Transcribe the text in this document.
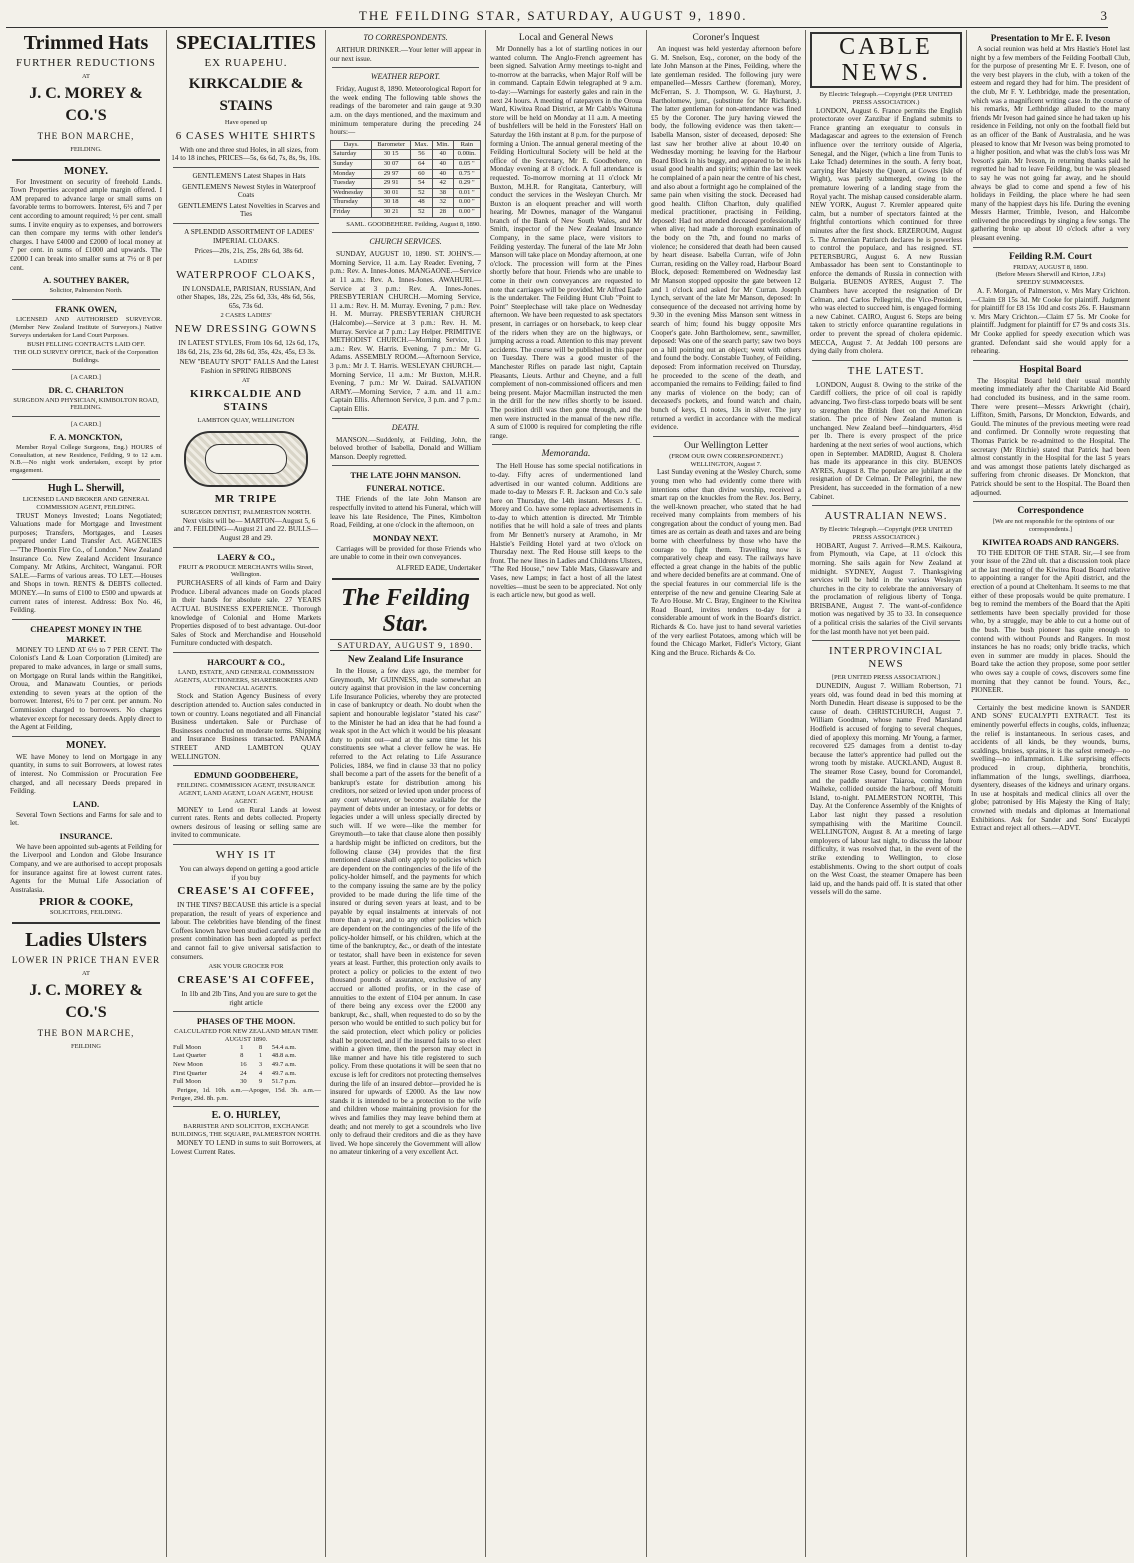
THE FEILDING STAR, SATURDAY, AUGUST 9, 1890.	3
Trimmed Hats
FURTHER REDUCTIONS
AT
J. C. MOREY & CO.'S
THE BON MARCHE,
FEILDING.
MONEY.

For Investment on security of freehold Lands. Town Properties accepted ample margin offered. I AM prepared to advance large or small sums on favorable terms to borrowers. Interest, 6½ and 7 per cent according to amount required; ½ per cent. small sums. I invite enquiry as to expenses, and borrowers can then compare my terms with other lender's charges. I have £4000 and £2000 of local money at 7 per cent. in sums of £1000 and upwards. The £2000 I can break into smaller sums at 7½ or 8 per cent.

A. SOUTHEY BAKER,
Solicitor, Palmerston North.
FRANK OWEN,

LICENSED AND AUTHORISED SURVEYOR. (Member New Zealand Institute of Surveyors.) Native Surveys undertaken for Land Court Purposes.

BUSH FELLING CONTRACTS LAID OFF.
THE OLD SURVEY OFFICE, Back of the Corporation Buildings.
[A CARD.]
DR. C. CHARLTON
SURGEON AND PHYSICIAN, KIMBOLTON ROAD, FEILDING.
[A CARD.]
F. A. MONCKTON,

Member Royal College Surgeons, Eng.) HOURS of Consultation, at new Residence, Feilding, 9 to 12 a.m. N.B.—No night work undertaken, except by prior engagement.

Hugh L. Sherwill,
LICENSED LAND BROKER AND GENERAL COMMISSION AGENT, FEILDING.

TRUST Moneys Invested; Loans Negotiated; Valuations made for Mortgage and Investment purposes; Transfers, Mortgages, and Leases prepared under Land Transfer Act. AGENCIES—"The Phoenix Fire Co., of London." New Zealand Insurance Co. New Zealand Accident Insurance Company. Mr Atkins, Architect, Wanganui. FOR SALE.—Farms of various areas. TO LET.—Houses and Shops in town. RENTS & DEBTS collected. MONEY.—In sums of £100 to £500 and upwards at current rates of interest. Address: Box No. 46, Feilding.

CHEAPEST MONEY IN THE MARKET.

MONEY TO LEND AT 6½ to 7 PER CENT. The Colonist's Land & Loan Corporation (Limited) are prepared to make advances, in large or small sums, on Mortgage on Rural lands within the Rangitikei, Oroua, and Manawatu Counties, or periods extending to seven years at the option of the borrower. Interest, 6½ to 7 per cent. per annum. No Commission charged to borrowers. No charges whatever except for necessary deeds. Apply direct to the Agent at Feilding,

MONEY.

WE have Money to lend on Mortgage in any quantity, in sums to suit Borrowers, at lowest rates of interest. No Commission or Procuration Fee charged, and all necessary Deeds prepared in Feilding.

LAND.

Several Town Sections and Farms for sale and to let.

INSURANCE.

We have been appointed sub-agents at Feilding for the Liverpool and London and Globe Insurance Company, and we are authorised to accept proposals for insurance against fire at lowest current rates. Agents for the Mutual Life Association of Australasia.

PRIOR & COOKE,
SOLICITORS, FEILDING.
Ladies Ulsters
LOWER IN PRICE THAN EVER
AT
J. C. MOREY & CO.'S
THE BON MARCHE,
FEILDING
SPECIALITIES
EX RUAPEHU.
KIRKCALDIE & STAINS
Have opened up
6 CASES WHITE SHIRTS

With one and three stud Holes, in all sizes, from 14 to 18 inches, PRICES—5s, 6s 6d, 7s, 8s, 9s, 10s.

GENTLEMEN'S Latest Shapes in Hats

GENTLEMEN'S Newest Styles in Waterproof Coats

GENTLEMEN'S Latest Novelties in Scarves and Ties

A SPLENDID ASSORTMENT OF LADIES' IMPERIAL CLOAKS.

Prices—20s, 21s, 25s, 28s 6d, 38s 6d.

LADIES'
WATERPROOF CLOAKS,

IN LONSDALE, PARISIAN, RUSSIAN, And other Shapes, 18s, 22s, 25s 6d, 33s, 48s 6d, 56s, 65s, 73s 6d.

2 CASES LADIES'
NEW DRESSING GOWNS

IN LATEST STYLES, From 10s 6d, 12s 6d, 17s, 18s 6d, 21s, 23s 6d, 28s 6d, 35s, 42s, 45s, £3 3s.

NEW "BEAUTY SPOT" FALLS And the Latest Fashion in SPRING RIBBONS

AT
KIRKCALDIE AND STAINS
LAMBTON QUAY, WELLINGTON
MR TRIPE
SURGEON DENTIST, PALMERSTON NORTH.

Next visits will be— MARTON—August 5, 6 and 7. FEILDING—August 21 and 22. BULLS—August 28 and 29.

LAERY & CO.,
FRUIT & PRODUCE MERCHANTS Willis Street, Wellington.

PURCHASERS of all kinds of Farm and Dairy Produce. Liberal advances made on Goods placed in their hands for absolute sale. 27 YEARS ACTUAL BUSINESS EXPERIENCE. Thorough knowledge of Colonial and Home Markets Properties disposed of to best advantage. Out-door Sales of Stock and Merchandise and Household Furniture conducted with despatch.

HARCOURT & CO.,
LAND, ESTATE, AND GENERAL COMMISSION AGENTS, AUCTIONEERS, SHAREBROKERS AND FINANCIAL AGENTS.

Stock and Station Agency Business of every description attended to. Auction sales conducted in town or country. Loans negotiated and all Financial Business undertaken. Sale or Purchase of Businesses conducted on moderate terms. Shipping and Insurance Business transacted. PANAMA STREET AND LAMBTON QUAY WELLINGTON.

EDMUND GOODBEHERE,
FEILDING. COMMISSION AGENT, INSURANCE AGENT, LAND AGENT, LOAN AGENT, HOUSE AGENT.

MONEY to Lend on Rural Lands at lowest current rates. Rents and debts collected. Property owners desirous of leasing or selling same are invited to communicate.

WHY IS IT

You can always depend on getting a good article if you buy

CREASE'S AI COFFEE,

IN THE TINS? BECAUSE this article is a special preparation, the result of years of experience and labour. The celebrities have blending of the finest Coffees known have been studied carefully until the present combination has been adopted as perfect and cannot fail to give universal satisfaction to consumers.

ASK YOUR GROCER FOR
CREASE'S AI COFFEE,

In 1lb and 2lb Tins, And you are sure to get the right article

PHASES OF THE MOON.
CALCULATED FOR NEW ZEALAND MEAN TIME AUGUST 1890.
Full Moon	1	8	54.4 a.m.
Last Quarter	8	1	48.8 a.m.
New Moon	16	3	49.7 a.m.
First Quarter	24	4	49.7 a.m.
Full Moon	30	9	51.7 p.m.

Perigee, 1d. 10h. a.m.—Apogee, 15d. 3h. a.m.—Perigee, 29d. 8h. p.m.

E. O. HURLEY,
BARRISTER AND SOLICITOR, EXCHANGE BUILDINGS, THE SQUARE, PALMERSTON NORTH.

MONEY TO LEND in sums to suit Borrowers, at Lowest Current Rates.

TO CORRESPONDENTS.

ARTHUR DRINKER.—Your letter will appear in our next issue.

WEATHER REPORT.

Friday, August 8, 1890. Meteorological Report for the week ending The following table shows the readings of the barometer and rain gauge at 9.30 a.m. on the days mentioned, and the maximum and minimum temperature during the preceding 24 hours:—

Days.	Barometer	Max.	Min.	Rain
Saturday	30 15	56	40	0.00in.
Sunday	30 07	64	40	0.05 "
Monday	29 97	60	40	0.75 "
Tuesday	29 91	54	42	0.29 "
Wednesday	30 01	52	38	0.01 "
Thursday	30 18	48	32	0.00 "
Friday	30 21	52	28	0.00 "

SAML. GOODBEHERE. Feilding, August 8, 1890.

CHURCH SERVICES.

SUNDAY, AUGUST 10, 1890. ST. JOHN'S.—Morning Service, 11 a.m. Lay Reader. Evening, 7 p.m.: Rev. A. Innes-Jones. MANGAONE.—Service at 11 a.m.: Rev. A. Innes-Jones. AWAHURI.—Service at 3 p.m.: Rev. A. Innes-Jones. PRESBYTERIAN CHURCH.—Morning Service, 11 a.m.: Rev. H. M. Murray. Evening, 7 p.m.: Rev. H. M. Murray. PRESBYTERIAN CHURCH (Halcombe).—Service at 3 p.m.: Rev. H. M. Murray. Service at 7 p.m.: Lay Helper. PRIMITIVE METHODIST CHURCH.—Morning Service, 11 a.m.: Rev. W. Harris. Evening, 7 p.m.: Mr G. Adams. ASSEMBLY ROOM.—Afternoon Service, 3 p.m.: Mr J. T. Harris. WESLEYAN CHURCH.—Morning Service, 11 a.m.: Mr Buxton, M.H.R. Evening, 7 p.m.: Mr W. Dairad. SALVATION ARMY.—Morning Service, 7 a.m. and 11 a.m.: Captain Ellis. Afternoon Service, 3 p.m. and 7 p.m.: Captain Ellis.

DEATH.

MANSON.—Suddenly, at Feilding, John, the beloved brother of Isabella, Donald and William Manson. Deeply regretted.

THE LATE JOHN MANSON.
FUNERAL NOTICE.

THE Friends of the late John Manson are respectfully invited to attend his Funeral, which will leave his late Residence, The Pines, Kimbolton Road, Feilding, at one o'clock in the afternoon, on

MONDAY NEXT.

Carriages will be provided for those Friends who are unable to come in their own conveyances.

ALFRED EADE, Undertaker

The Feilding Star.
SATURDAY, AUGUST 9, 1890.
New Zealand Life Insurance

In the House, a few days ago, the member for Greymouth, Mr GUINNESS, made somewhat an outcry against that provision in the law concerning Life Insurance Policies, whereby they are protected in case of bankruptcy or death. No doubt when the sapient and honourable legislator "stated his case" to the Minister he had an idea that he had found a weak spot in the Act which it would be his pleasant duty to point out—and at the same time let his constituents see what a clever fellow he was. He referred to the Act relating to Life Assurance Policies, 1884, we find in clause 33 that no policy shall become a part of the assets for the benefit of a bankrupt's estate for distribution among his creditors, nor seized or levied upon under process of any court whatever, or become available for the payment of debts under an intestacy, or for debts or legacies under a will unless specially directed by such will. If we were—like the member for Greymouth—to take that clause alone then possibly a hardship might be inflicted on creditors, but the following clause (34) provides that the first mentioned clause shall only apply to policies which are dependent on the contingencies of the life of the policy-holder himself, and the payments for which to the company issuing the same are by the policy provided to be made during the life time of the insured or during seven years at least, and to be payable by equal instalments at intervals of not more than a year, and to any other policies which are dependent on the contingencies of the life of the policy-holder himself, or his children, which at the time of the bankruptcy, &c., or death of the intestate or testator, shall have been in existence for seven years at least. Further, this protection only avails to protect a policy or policies to the extent of two thousand pounds of assurance, exclusive of any accrued or allotted profits, or in the case of annuities to the extent of £104 per annum. In case of there being any excess over the £2000 any bankrupt, &c., shall, when requested to do so by the person who would be entitled to such policy but for the said protection, elect which policy or policies shall be protected, and if the insured fails to so elect within a given time, then the person may elect in like manner and have his title registered to such policy. From these quotations it will be seen that no excuse is left for creditors not protecting themselves during the life of an insured debtor—provided he is insured for upwards of £2000. As the law now stands it is intended to be a protection to the wife and children whose maintaining provision for the wives and families they may leave behind them at death; and not merely to get a scoundrels who live only to defraud their creditors and die as they have lived. We hope sincerely the Government will allow no amateur tinkering of a very excellent Act.

Local and General News

Mr Donnelly has a lot of startling notices in our wanted column. The Anglo-French agreement has been signed. Salvation Army meetings to-night and to-morrow at the barracks, when Major Rolf will be in command. Captain Edwin telegraphed at 9 a.m. to-day:—Warnings for easterly gales and rain in the next 24 hours. A meeting of ratepayers in the Oroua Ward, Kiwitea Road District, at Mr Cabb's Waituna store will be held on Monday at 11 a.m. A meeting of bushfellers will be held in the Foresters' Hall on Saturday the 16th instant at 8 p.m. for the purpose of forming a Union. The annual general meeting of the Feilding Horticultural Society will be held at the office of the Secretary, Mr E. Goodbehere, on Monday evening at 8 o'clock. A full attendance is requested. To-morrow morning at 11 o'clock Mr Buxton, M.H.R. for Rangitata, Canterbury, will conduct the services in the Wesleyan Church. Mr Buxton is an eloquent preacher and will worth hearing. Mr Downes, manager of the Wanganui branch of the Bank of New South Wales, and Mr Smith, inspector of the New Zealand Insurance Company, in the same place, were visitors to Feilding yesterday. The funeral of the late Mr John Manson will take place on Monday afternoon, at one o'clock. The procession will form at the Pines shortly before that hour. Friends who are unable to come in their own conveyances are requested to note that carriages will be provided. Mr Alfred Eade is the undertaker. The Feilding Hunt Club "Point to Point" Steeplechase will take place on Wednesday afternoon. We have been requested to ask spectators present, in carriages or on horseback, to keep clear of the riders when they are on the highways, or jumping across a road. Attention to this may prevent accidents. The course will be published in this paper on Tuesday. There was a good muster of the Manchester Rifles on parade last night, Captain Pleasants, Lieuts. Arthur and Cheyne, and a full complement of non-commissioned officers and men being present. Major Macmillan instructed the men in the drill for the new rifles shortly to be issued. The position drill was then gone through, and the men were instructed in the manual of the new rifle. A sum of £1000 is required for completing the rifle range.

Memoranda.

The Hell House has some special notifications in to-day. Fifty acres of undermentioned land advertised in our wanted column. Additions are made to-day to Messrs F. R. Jackson and Co.'s sale here on Thursday, the 14th instant. Messrs J. C. Morey and Co. have some replace advertisements in to-day to which attention is directed. Mr Trimble notifies that he will hold a sale of trees and plants from Mr Bennett's nursery at Aramoho, in Mr Halstie's Feilding Hotel yard at two o'clock on Thursday next. The Red House still keeps to the front. The new lines in Ladies and Childrens Ulsters, "The Red House," new Table Mats, Glassware and Vases, new Lamps; in fact a host of all the latest novelties—must be seen to be appreciated. Not only is each article new, but good as well.

Coroner's Inquest

An inquest was held yesterday afternoon before G. M. Snelson, Esq., coroner, on the body of the late John Manson at the Pines, Feilding, where the late gentleman resided. The following jury were empanelled—Messrs Carthew (foreman), Morey, McFerran, S. J. Thompson, W. G. Hayhurst, J. Bartholomew, junr., (substitute for Mr Richards). The latter gentleman for non-attendance was fined £5 by the Coroner. The jury having viewed the body, the following evidence was then taken:— Isabella Manson, sister of deceased, deposed: She last saw her brother alive at about 10.40 on Wednesday morning; he leaving for the Harbour Board Block in his buggy, and appeared to be in his usual good health and spirits; within the last week he complained of a pain near the centre of his chest, and also about a fortnight ago he complained of the same pain when visiting the stock. Deceased had good health. Clifton Charlton, duly qualified medical practitioner, practising in Feilding, deposed: Had not attended deceased professionally when alive; had made a thorough examination of the body on the 7th, and found no marks of violence; he considered that death had been caused by heart disease. Isabella Curran, wife of John Curran, residing on the Valley road, Harbour Board Block, deposed: Remembered on Wednesday last Mr Manson stopped opposite the gate between 12 and 1 o'clock and asked for Mr Curran. Joseph Lynch, servant of the late Mr Manson, deposed: In consequence of the deceased not arriving home by 9.30 in the evening Miss Manson sent witness in search of him; found his buggy opposite Mrs Cooper's gate. John Bartholomew, senr., sawmiller, deposed: Was one of the search party; saw two boys on a hill pointing out an object; went with others and found the body. Constable Tuohey, of Feilding, deposed: From information received on Thursday, he proceeded to the scene of the death, and accompanied the remains to Feilding; failed to find any marks of violence on the body; can of deceased's pockets, and found watch and chain, bunch of keys, £1 notes, 13s in silver. The jury returned a verdict in accordance with the medical evidence.

Our Wellington Letter
(FROM OUR OWN CORRESPONDENT.) WELLINGTON, August 7.

Last Sunday evening at the Wesley Church, some young men who had evidently come there with intentions other than divine worship, received a smart rap on the knuckles from the Rev. Jos. Berry, the well-known preacher, who stated that he had received many complaints from members of his congregation about the conduct of young men. Bad times are as certain as death and taxes and are being borne with cheerfulness by those who have the courage to fight them. Travelling now is comparatively cheap and easy. The railways have effected a great change in the habits of the public and where decided benefits are at command. One of the special features in our commercial life is the enterprise of the new and genuine Clearing Sale at Te Aro House. Mr C. Bray, Engineer to the Kiwitea Road Board, invites tenders to-day for a considerable amount of work in the Board's district. Richards & Co. have just to hand several varieties of the very earliest Potatoes, among which will be found the Chicago Market, Fidler's Victory, Giant King and the Bruce. Richards & Co.

CABLE NEWS.
By Electric Telegraph.—Copyright (PER UNITED PRESS ASSOCIATION.)

LONDON, August 6. France permits the English protectorate over Zanzibar if England submits to France granting an exequatur to consuls in Madagascar and agrees to the extension of French influence over the territory outside of Algeria, Senegal, and the Niger, (which a line from Tunis to Lake Tchad) determines in the south. A ferry boat, carrying Her Majesty the Queen, at Cowes (Isle of Wight), was partly submerged, owing to the premature lowering of a landing stage from the Royal yacht. The mishap caused considerable alarm. NEW YORK, August 7. Kremler appeared quite calm, but a number of spectators fainted at the frightful contortions which continued for three minutes after the first shock. ERZEROUM, August 5. The Armenian Patriarch declares he is powerless to control the populace, and has resigned. ST. PETERSBURG, August 6. A new Russian Ambassador has been sent to Constantinople to enforce the demands of Russia in connection with Bulgaria. BUENOS AYRES, August 7. The Chambers have accepted the resignation of Dr Celman, and Carlos Pellegrini, the Vice-President, who was elected to succeed him, is engaged forming a new Cabinet. CAIRO, August 6. Steps are being taken to strictly enforce quarantine regulations in order to prevent the spread of cholera epidemic. MECCA, August 7. At Jeddah 100 persons are dying daily from cholera.

THE LATEST.

LONDON, August 8. Owing to the strike of the Cardiff colliers, the price of oil coal is rapidly advancing. Two first-class torpedo boats will be sent to strengthen the British fleet on the American station. The price of New Zealand mutton is unchanged. New Zealand beef—hindquarters, 4½d per lb. There is every prospect of the price hardening at the next series of wool auctions, which open in September. MADRID, August 8. Cholera has made its appearance in this city. BUENOS AYRES, August 8. The populace are jubilant at the resignation of Dr Celman. Dr Pellegrini, the new President, has succeeded in the formation of a new Cabinet.

AUSTRALIAN NEWS.
By Electric Telegraph.—Copyright (PER UNITED PRESS ASSOCIATION.)

HOBART, August 7. Arrived—R.M.S. Kaikoura, from Plymouth, via Cape, at 11 o'clock this morning. She sails again for New Zealand at midnight. SYDNEY, August 7. Thanksgiving services will be held in the various Wesleyan churches in the city to celebrate the anniversary of the proclamation of religious liberty of Tonga. BRISBANE, August 7. The want-of-confidence motion was negatived by 35 to 33. In consequence of a political crisis the salaries of the Civil servants for the last month have not yet been paid.

INTERPROVINCIAL NEWS
[PER UNITED PRESS ASSOCIATION.]

DUNEDIN, August 7. William Robertson, 71 years old, was found dead in bed this morning at North Dunedin. Heart disease is supposed to be the cause of death. CHRISTCHURCH, August 7. William Goodman, whose name Fred Marsland Hodfield is accused of forging to several cheques, died of apoplexy this morning. Mr Young, a farmer, recovered £25 damages from a dentist to-day because the latter's apprentice had pulled out the wrong tooth by mistake. AUCKLAND, August 8. The steamer Rose Casey, bound for Coromandel, and the paddle steamer Taiaroa, coming from Waiheke, collided outside the harbour, off Motuiti Island, to-night. PALMERSTON NORTH, This Day. At the Conference Assembly of the Knights of Labor last night they passed a resolution sympathising with the Maritime Council. WELLINGTON, August 8. At a meeting of large employers of labour last night, to discuss the labour difficulty, it was resolved that, in the event of the strike extending to Wellington, to close establishments. Owing to the short output of coals on the West Coast, the steamer Omapere has been laid up, and the hands paid off. It is stated that other vessels will do the same.

Presentation to Mr E. F. Iveson

A social reunion was held at Mrs Hastie's Hotel last night by a few members of the Feilding Football Club, for the purpose of presenting Mr E. F. Iveson, one of the very best players in the club, with a token of the esteem and regard they had for him. The president of the club, Mr F. Y. Lethbridge, made the presentation, which was a magnificent writing case. In the course of his remarks, Mr Lethbridge alluded to the many friends Mr Iveson had gained since he had taken up his residence in Feilding, not only on the football field but as an officer of the Bank of Australasia, and he was pleased to know that Mr Iveson was being promoted to a higher position, and what was the club's loss was Mr Iveson's gain. Mr Iveson, in returning thanks said he regretted he had to leave Feilding, but he was pleased to say he was not going far away, and he should always be glad to come and spend a few of his holidays in Feilding, the place where he had seen many of the happiest days his life. During the evening Messrs Harmer, Trimble, Iveson, and Halcombe enlivened the proceedings by singing a few songs. The gathering broke up about 10 o'clock after a very pleasant evening.

Feilding R.M. Court
FRIDAY, AUGUST 8, 1890.
(Before Messrs Sherwill and Kirton, J.P.s)
SPEEDY SUMMONSES.

A. F. Morgan, of Palmerston, v. Mrs Mary Crichton.—Claim £8 15s 3d. Mr Cooke for plaintiff. Judgment for plaintiff for £8 15s 10d and costs 26s. F. Hausmann v. Mrs Mary Crichton.—Claim £7 5s. Mr Cooke for plaintiff. Judgment for plaintiff for £7 9s and costs 31s. Mr Cooke applied for speedy execution which was granted. Defendant said she would apply for a rehearing.

Hospital Board

The Hospital Board held their usual monthly meeting immediately after the Charitable Aid Board had concluded its business, and in the same room. There were present—Messrs Arkwright (chair), Liffiton, Smith, Parsons, Dr Monckton, Edwards, and Gould. The minutes of the previous meeting were read and confirmed. Dr Connolly wrote requesting that Thomas Patrick be re-admitted to the Hospital. The secretary (Mr Ritchie) stated that Patrick had been almost constantly in the Hospital for the last 5 years and was amongst those patients lately discharged as suffering from chronic diseases. Dr Monckton, that Patrick should be sent to the Hospital. The Board then adjourned.

Correspondence

[We are not responsible for the opinions of our correspondents.]

KIWITEA ROADS AND RANGERS.

TO THE EDITOR OF THE STAR. Sir,—I see from your issue of the 22nd ult. that a discussion took place at the last meeting of the Kiwitea Road Board relative to appointing a ranger for the Apiti district, and the erection of a pound at Cheltenham. It seems to me that either of these proposals would be quite premature. I beg to remind the members of the Board that the Apiti settlements have been specially provided for those who, by a struggle, may be able to cut a home out of the bush. The bush pioneer has quite enough to contend with without Pounds and Rangers. In most instances he has no roads; only bridle tracks, which even in summer are muddy in places. Should the Board take the action they propose, some poor settler who owes say a couple of cows, discovers some fine morning that they cannot be found. Yours, &c., PIONEER.

Certainly the best medicine known is SANDER AND SONS' EUCALYPTI EXTRACT. Test its eminently powerful effects in coughs, colds, influenza; the relief is instantaneous. In serious cases, and accidents of all kinds, be they wounds, burns, scaldings, bruises, sprains, it is the safest remedy—no swelling—no inflammation. Like surprising effects produced in croup, diphtheria, bronchitis, inflammation of the lungs, swellings, diarrhoea, dysentery, diseases of the kidneys and urinary organs. In use at hospitals and medical clinics all over the globe; patronised by His Majesty the King of Italy; crowned with medals and diplomas at International Exhibitions. Ask for Sander and Sons' Eucalypti Extract and reject all others.—ADVT.
